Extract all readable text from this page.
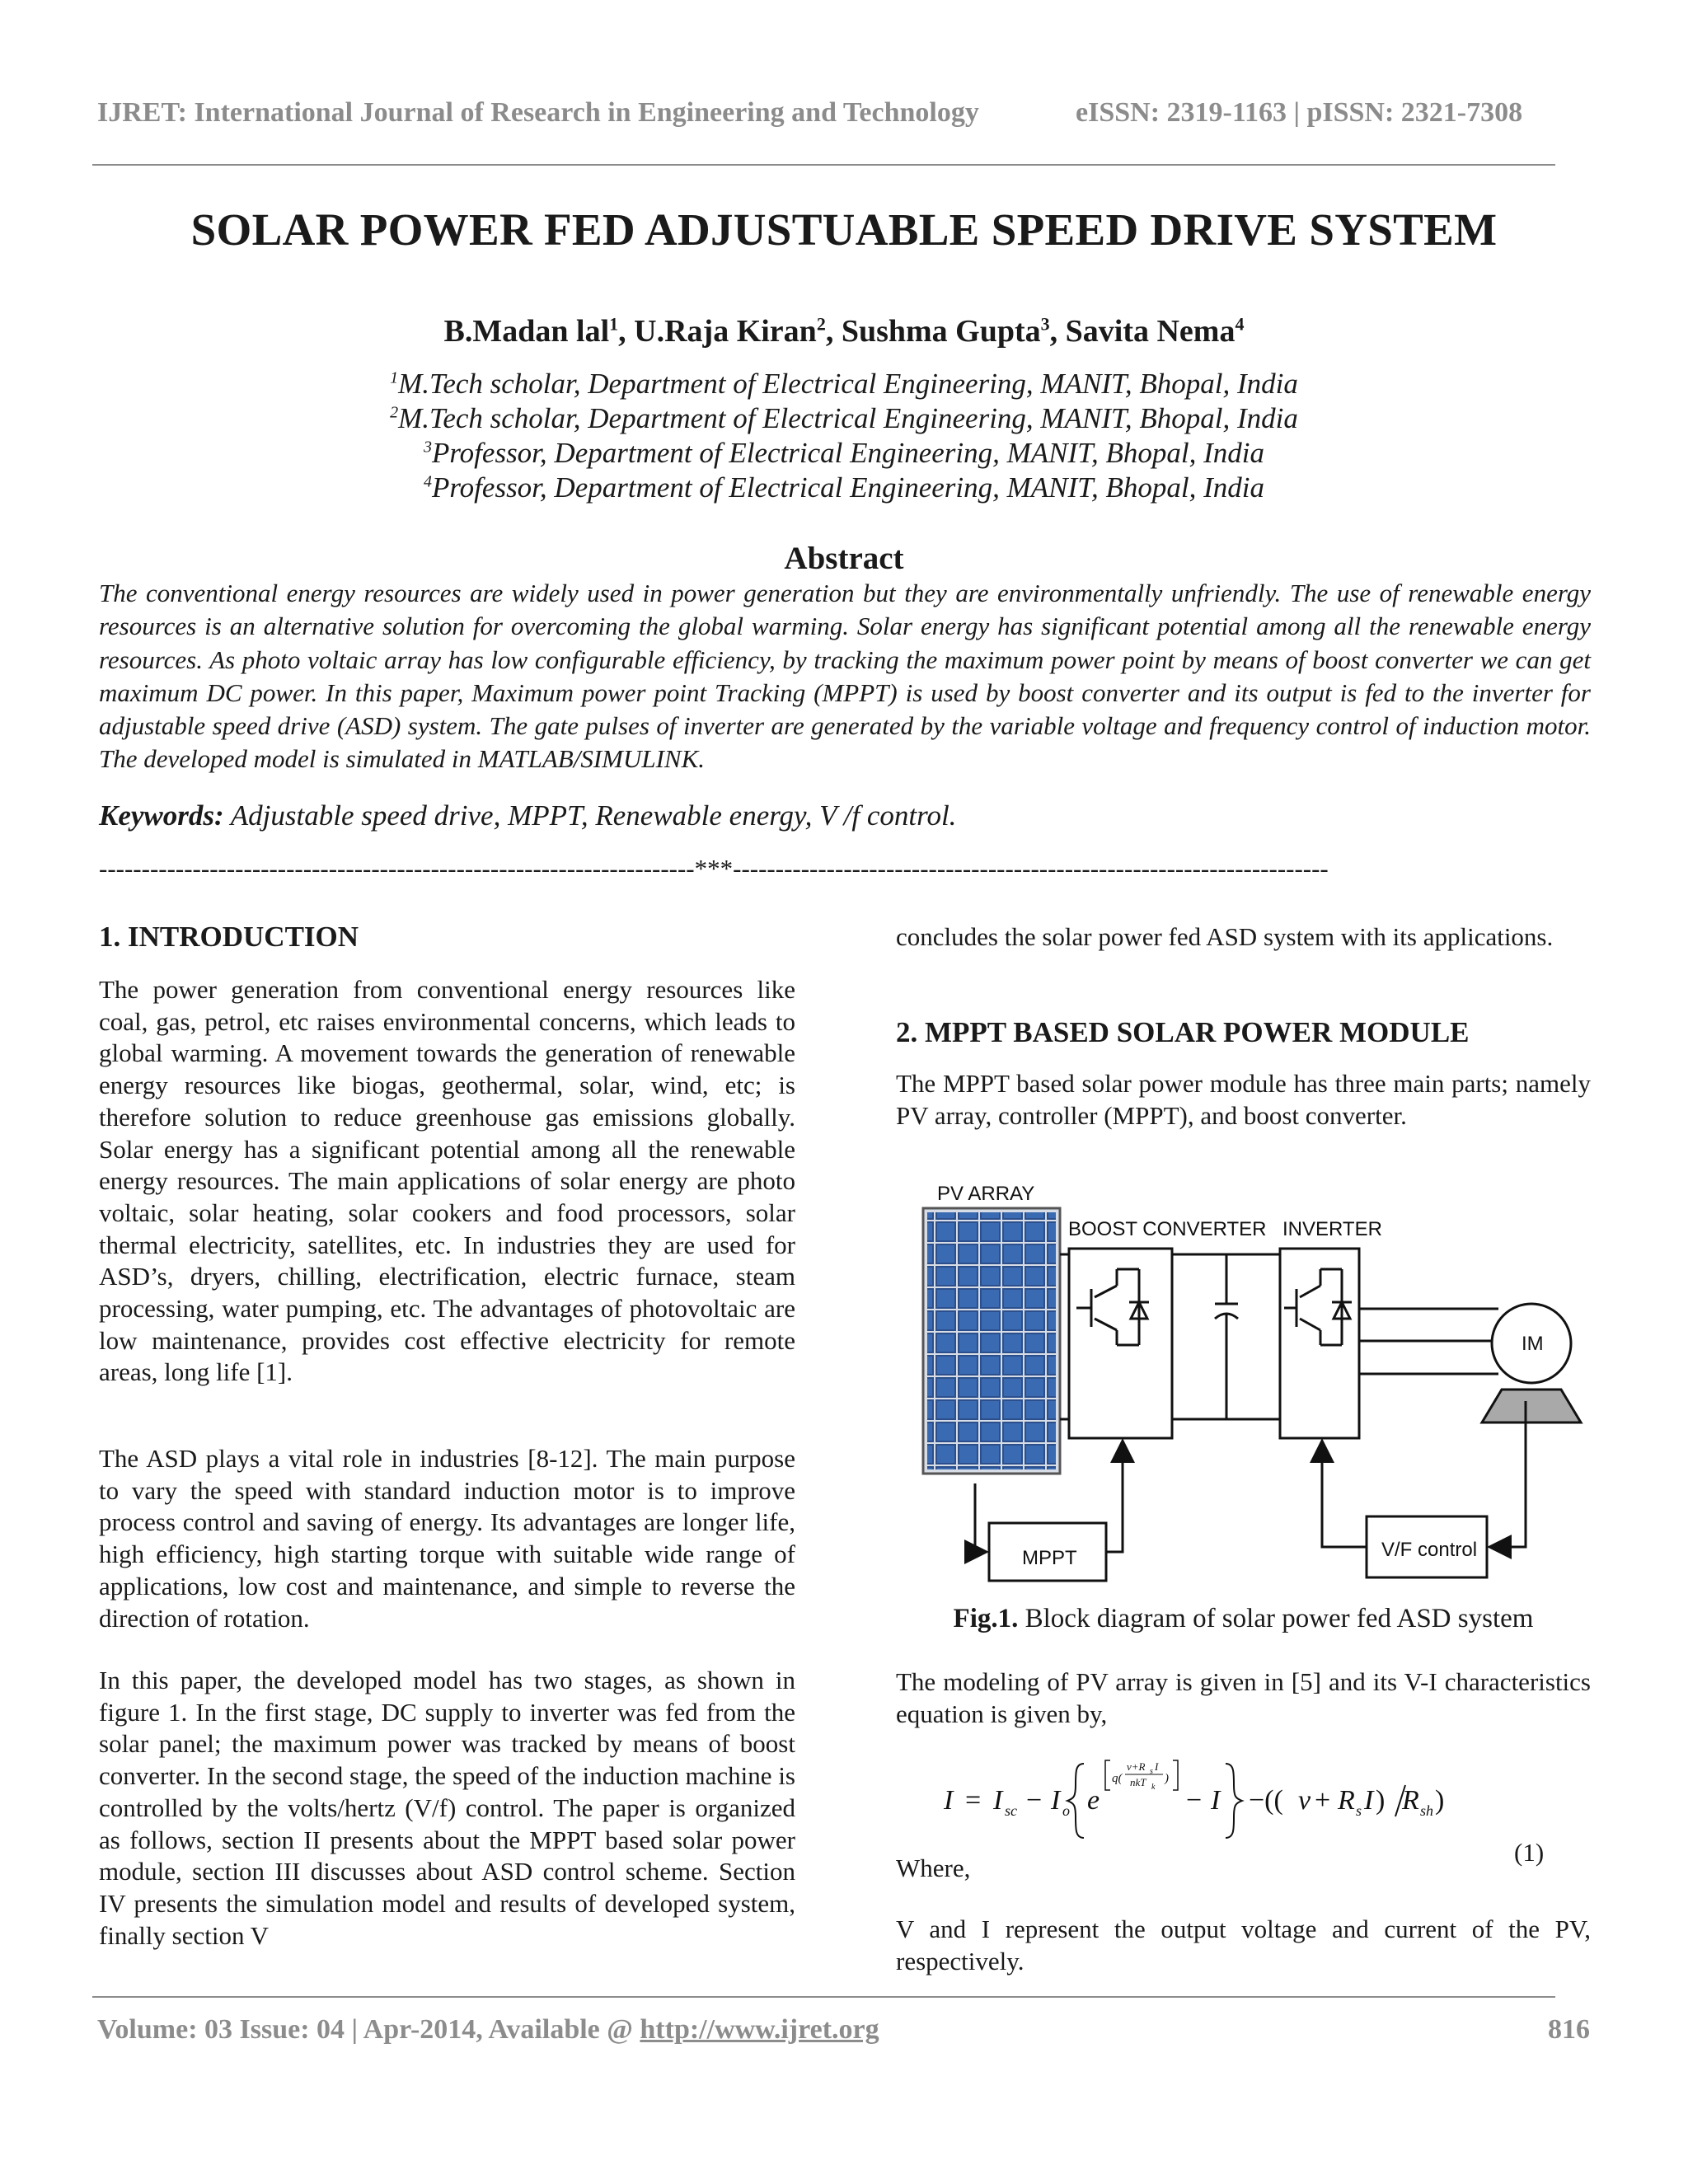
IJRET: International Journal of Research in Engineering and Technology	eISSN: 2319-1163 | pISSN: 2321-7308
SOLAR POWER FED ADJUSTUABLE SPEED DRIVE SYSTEM
B.Madan lal$^1$, U.Raja Kiran$^2$, Sushma Gupta$^3$, Savita Nema$^4$
$^1$M.Tech scholar, Department of Electrical Engineering, MANIT, Bhopal, India
$^2$M.Tech scholar, Department of Electrical Engineering, MANIT, Bhopal, India
$^3$Professor, Department of Electrical Engineering, MANIT, Bhopal, India
$^4$Professor, Department of Electrical Engineering, MANIT, Bhopal, India
Abstract
The conventional energy resources are widely used in power generation but they are environmentally unfriendly. The use of renewable energy resources is an alternative solution for overcoming the global warming. Solar energy has significant potential among all the renewable energy resources. As photo voltaic array has low configurable efficiency, by tracking the maximum power point by means of boost converter we can get maximum DC power. In this paper, Maximum power point Tracking (MPPT) is used by boost converter and its output is fed to the inverter for adjustable speed drive (ASD) system. The gate pulses of inverter are generated by the variable voltage and frequency control of induction motor. The developed model is simulated in MATLAB/SIMULINK.
Keywords: Adjustable speed drive, MPPT, Renewable energy, V /f control.
----------------------------------------------------------------------***----------------------------------------------------------------------
1. INTRODUCTION
The power generation from conventional energy resources like coal, gas, petrol, etc raises environmental concerns, which leads to global warming. A movement towards the generation of renewable energy resources like biogas, geothermal, solar, wind, etc; is therefore solution to reduce greenhouse gas emissions globally. Solar energy has a significant potential among all the renewable energy resources. The main applications of solar energy are photo voltaic, solar heating, solar cookers and food processors, solar thermal electricity, satellites, etc. In industries they are used for ASD’s, dryers, chilling, electrification, electric furnace, steam processing, water pumping, etc. The advantages of photovoltaic are low maintenance, provides cost effective electricity for remote areas, long life [1].
The ASD plays a vital role in industries [8-12]. The main purpose to vary the speed with standard induction motor is to improve process control and saving of energy. Its advantages are longer life, high efficiency, high starting torque with suitable wide range of applications, low cost and maintenance, and simple to reverse the direction of rotation.
In this paper, the developed model has two stages, as shown in figure 1. In the first stage, DC supply to inverter was fed from the solar panel; the maximum power was tracked by means of boost converter. In the second stage, the speed of the induction machine is controlled by the volts/hertz (V/f) control. The paper is organized as follows, section II presents about the MPPT based solar power module, section III discusses about ASD control scheme. Section IV presents the simulation model and results of developed system, finally section V
concludes the solar power fed ASD system with its applications.
2. MPPT BASED SOLAR POWER MODULE
The MPPT based solar power module has three main parts; namely PV array, controller (MPPT), and boost converter.
PV ARRAY
BOOST CONVERTER INVERTER
IM
MPPT	V/F control
Fig.1. Block diagram of solar power fed ASD system
The modeling of PV array is given in [5] and its V-I characteristics equation is given by,
I = I sc − I o e
q(
v+R s I
nkT k
)
− I −(( v + R s I ) R sh )
(1)
Where,
V and I represent the output voltage and current of the PV, respectively.
Volume: 03 Issue: 04 | Apr-2014, Available @ http://www.ijret.org	816
